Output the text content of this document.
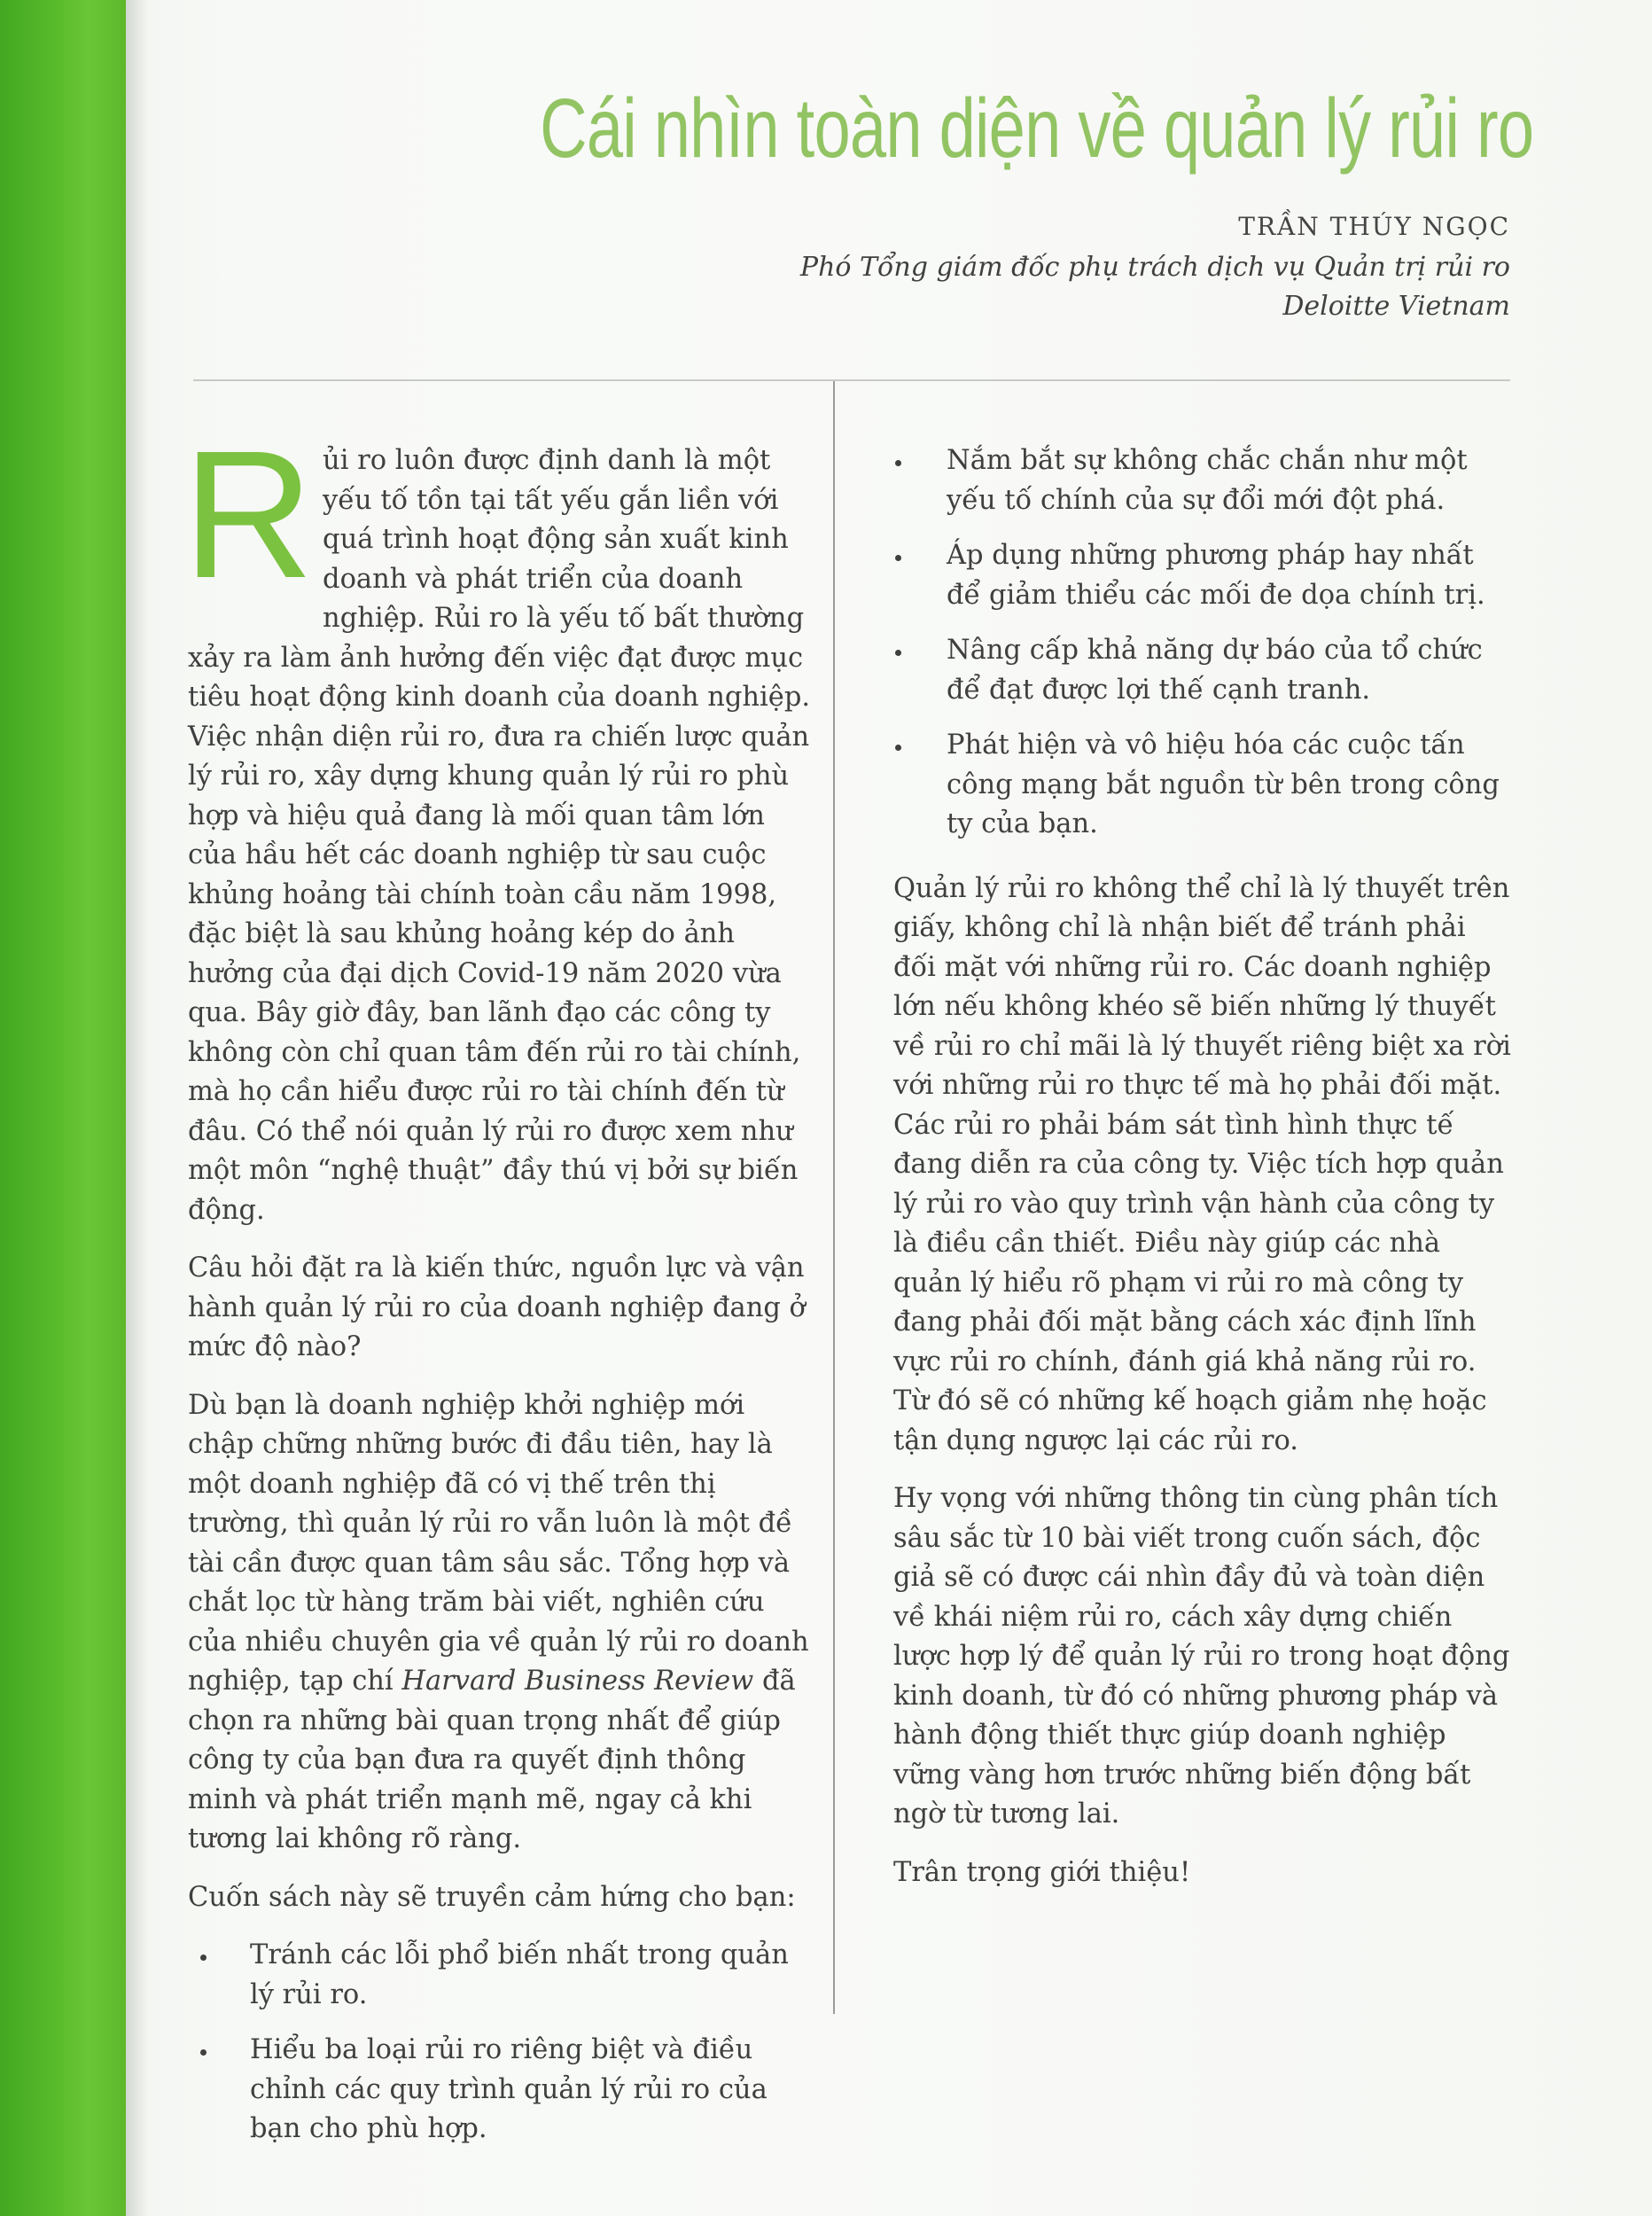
Cái nhìn toàn diện về quản lý rủi ro
TRẦN THÚY NGỌC
Phó Tổng giám đốc phụ trách dịch vụ Quản trị rủi ro
Deloitte Vietnam

Rủi ro luôn được định danh là một yếu tố tồn tại tất yếu gắn liền với quá trình hoạt động sản xuất kinh doanh và phát triển của doanh nghiệp. Rủi ro là yếu tố bất thường xảy ra làm ảnh hưởng đến việc đạt được mục tiêu hoạt động kinh doanh của doanh nghiệp. Việc nhận diện rủi ro, đưa ra chiến lược quản lý rủi ro, xây dựng khung quản lý rủi ro phù hợp và hiệu quả đang là mối quan tâm lớn của hầu hết các doanh nghiệp từ sau cuộc khủng hoảng tài chính toàn cầu năm 1998, đặc biệt là sau khủng hoảng kép do ảnh hưởng của đại dịch Covid-19 năm 2020 vừa qua. Bây giờ đây, ban lãnh đạo các công ty không còn chỉ quan tâm đến rủi ro tài chính, mà họ cần hiểu được rủi ro tài chính đến từ đâu. Có thể nói quản lý rủi ro được xem như một môn “nghệ thuật” đầy thú vị bởi sự biến động.

Câu hỏi đặt ra là kiến thức, nguồn lực và vận hành quản lý rủi ro của doanh nghiệp đang ở mức độ nào?

Dù bạn là doanh nghiệp khởi nghiệp mới chập chững những bước đi đầu tiên, hay là một doanh nghiệp đã có vị thế trên thị trường, thì quản lý rủi ro vẫn luôn là một đề tài cần được quan tâm sâu sắc. Tổng hợp và chắt lọc từ hàng trăm bài viết, nghiên cứu của nhiều chuyên gia về quản lý rủi ro doanh nghiệp, tạp chí Harvard Business Review đã chọn ra những bài quan trọng nhất để giúp công ty của bạn đưa ra quyết định thông minh và phát triển mạnh mẽ, ngay cả khi tương lai không rõ ràng.

Cuốn sách này sẽ truyền cảm hứng cho bạn:

Tránh các lỗi phổ biến nhất trong quản lý rủi ro.
Hiểu ba loại rủi ro riêng biệt và điều chỉnh các quy trình quản lý rủi ro của bạn cho phù hợp.
Nắm bắt sự không chắc chắn như một yếu tố chính của sự đổi mới đột phá.
Áp dụng những phương pháp hay nhất để giảm thiểu các mối đe dọa chính trị.
Nâng cấp khả năng dự báo của tổ chức để đạt được lợi thế cạnh tranh.
Phát hiện và vô hiệu hóa các cuộc tấn công mạng bắt nguồn từ bên trong công ty của bạn.

Quản lý rủi ro không thể chỉ là lý thuyết trên giấy, không chỉ là nhận biết để tránh phải đối mặt với những rủi ro. Các doanh nghiệp lớn nếu không khéo sẽ biến những lý thuyết về rủi ro chỉ mãi là lý thuyết riêng biệt xa rời với những rủi ro thực tế mà họ phải đối mặt. Các rủi ro phải bám sát tình hình thực tế đang diễn ra của công ty. Việc tích hợp quản lý rủi ro vào quy trình vận hành của công ty là điều cần thiết. Điều này giúp các nhà quản lý hiểu rõ phạm vi rủi ro mà công ty đang phải đối mặt bằng cách xác định lĩnh vực rủi ro chính, đánh giá khả năng rủi ro. Từ đó sẽ có những kế hoạch giảm nhẹ hoặc tận dụng ngược lại các rủi ro.

Hy vọng với những thông tin cùng phân tích sâu sắc từ 10 bài viết trong cuốn sách, độc giả sẽ có được cái nhìn đầy đủ và toàn diện về khái niệm rủi ro, cách xây dựng chiến lược hợp lý để quản lý rủi ro trong hoạt động kinh doanh, từ đó có những phương pháp và hành động thiết thực giúp doanh nghiệp vững vàng hơn trước những biến động bất ngờ từ tương lai.

Trân trọng giới thiệu!
